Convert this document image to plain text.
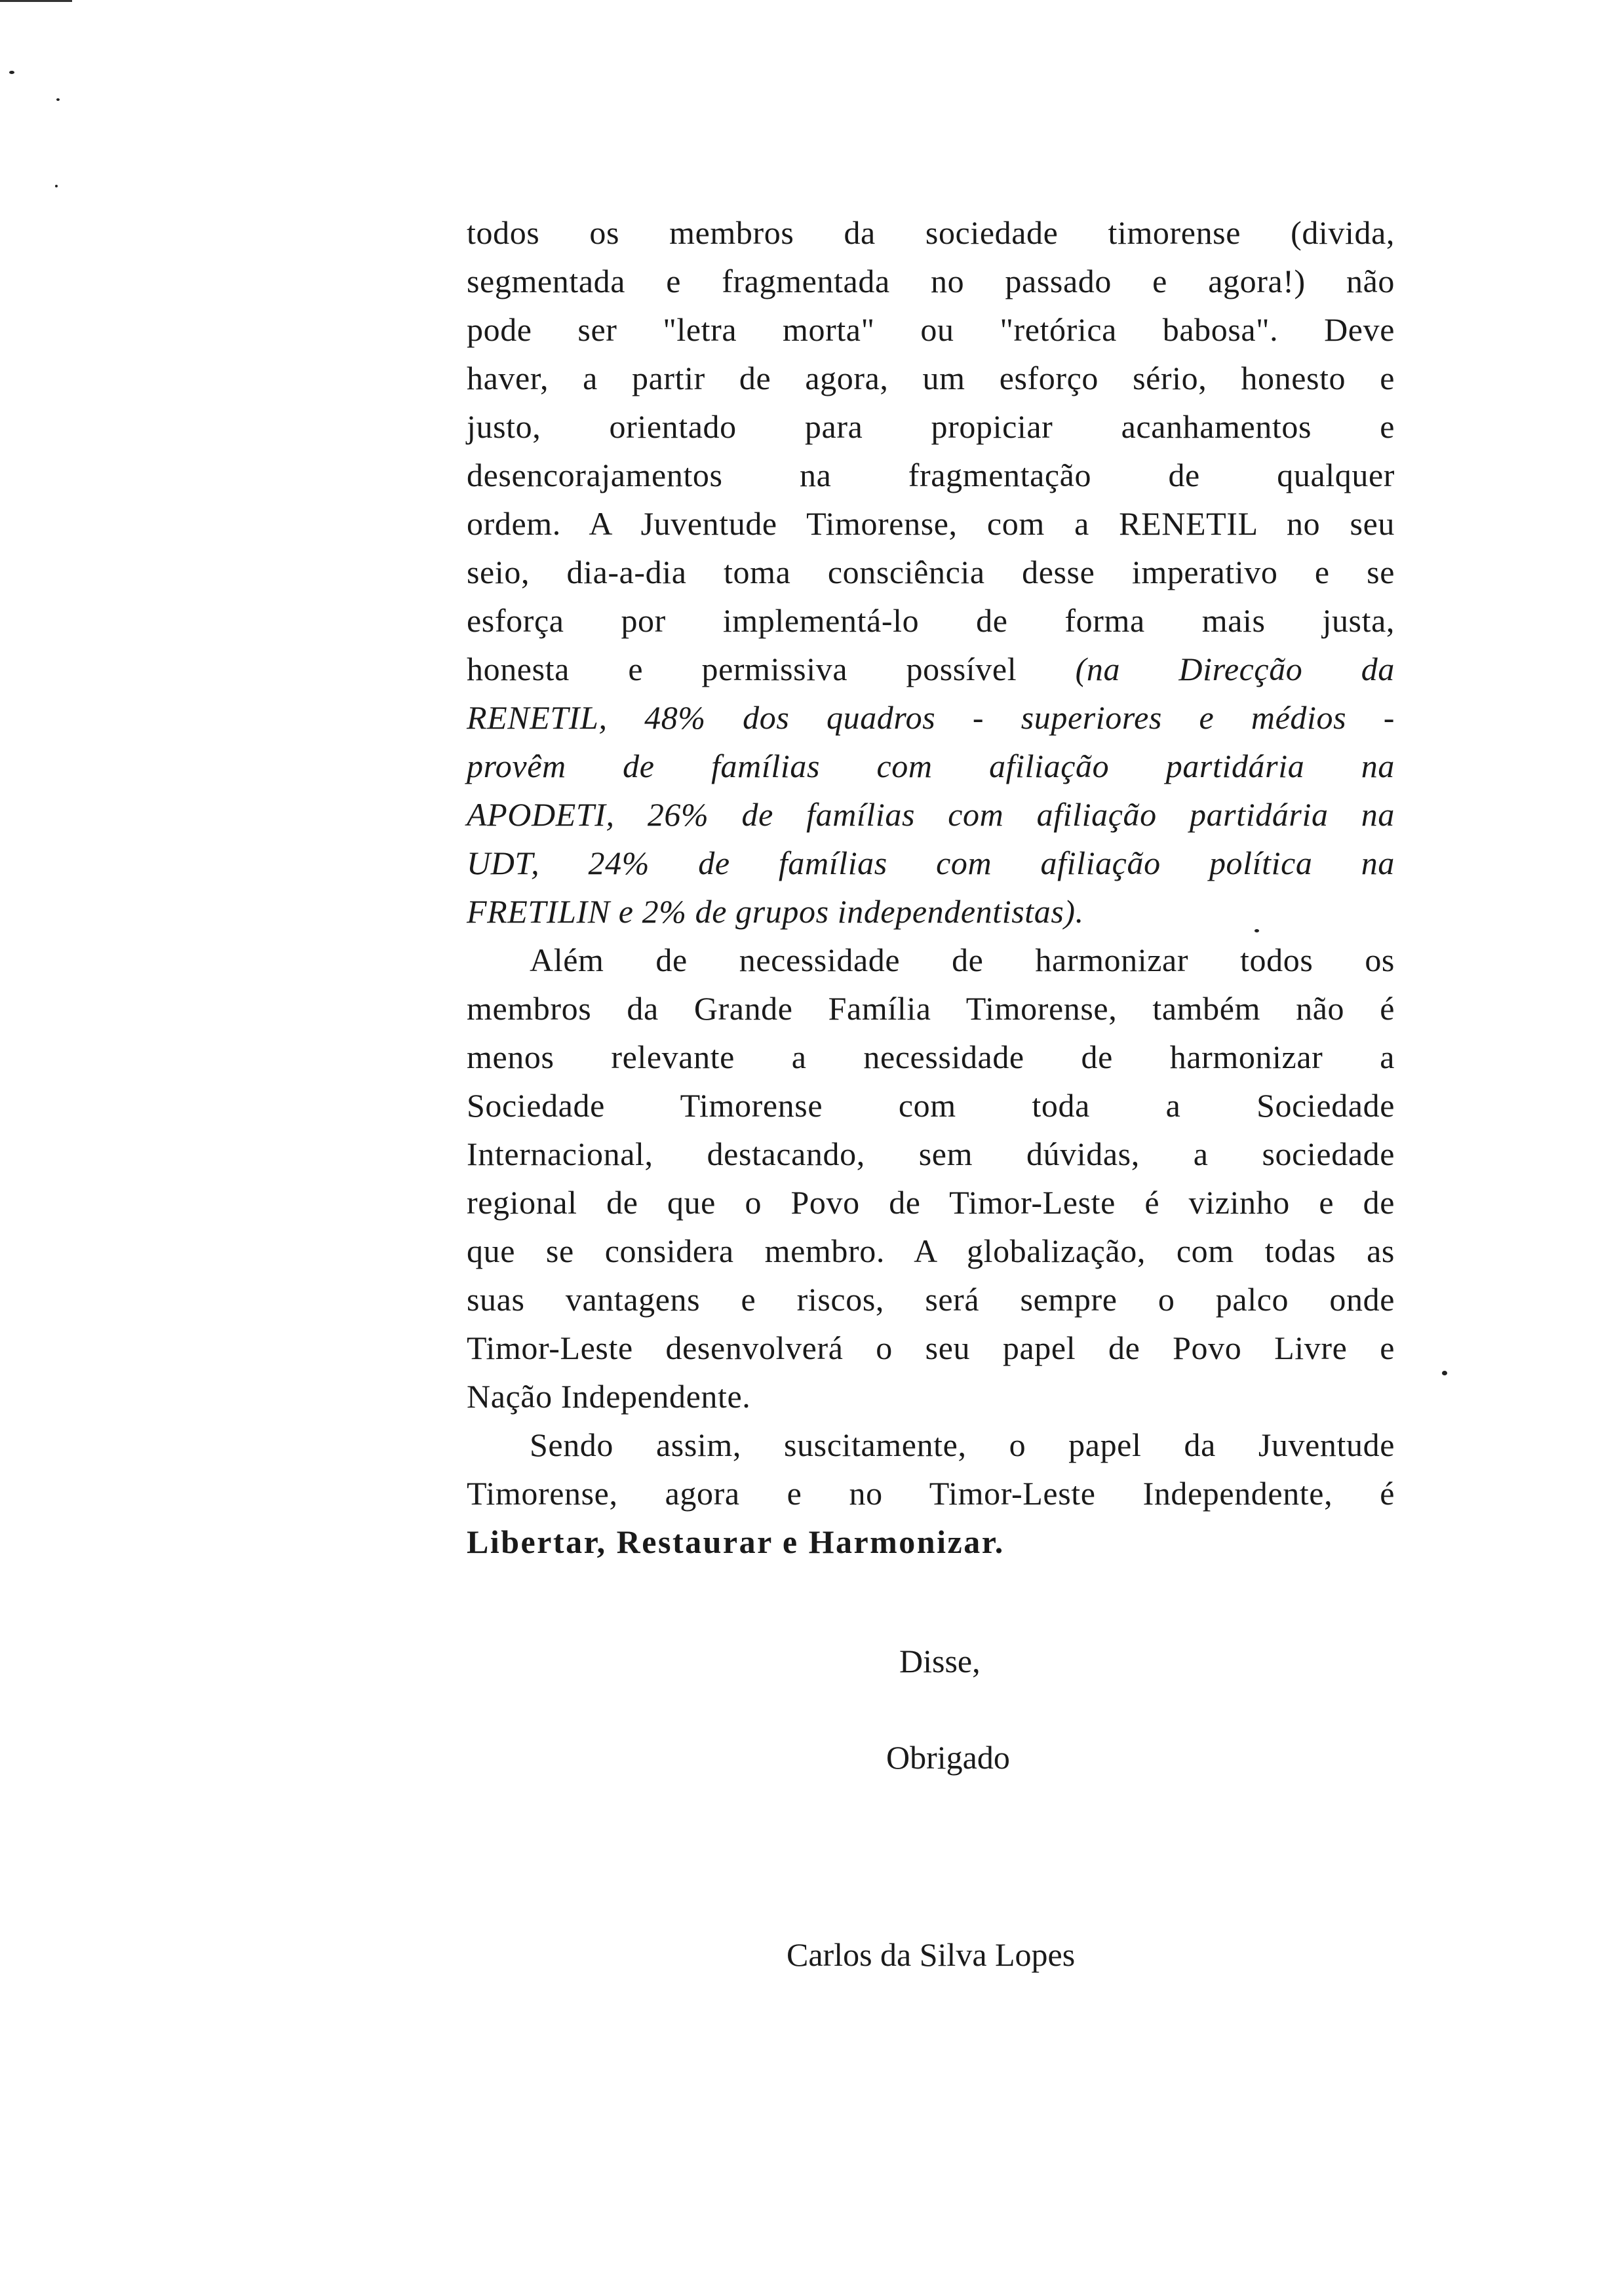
todos os membros da sociedade timorense (divida,
segmentada e fragmentada no passado e agora!) não
pode ser "letra morta" ou "retórica babosa". Deve
haver, a partir de agora, um esforço sério, honesto e
justo, orientado para propiciar acanhamentos e
desencorajamentos na fragmentação de qualquer
ordem. A Juventude Timorense, com a RENETIL no seu
seio, dia-a-dia toma consciência desse imperativo e se
esforça por implementá-lo de forma mais justa,
honesta e permissiva possível (na Direcção da
RENETIL, 48% dos quadros - superiores e médios -
provêm de famílias com afiliação partidária na
APODETI, 26% de famílias com afiliação partidária na
UDT, 24% de famílias com afiliação política na
FRETILIN e 2% de grupos independentistas).
Além de necessidade de harmonizar todos os
membros da Grande Família Timorense, também não é
menos relevante a necessidade de harmonizar a
Sociedade Timorense com toda a Sociedade
Internacional, destacando, sem dúvidas, a sociedade
regional de que o Povo de Timor-Leste é vizinho e de
que se considera membro. A globalização, com todas as
suas vantagens e riscos, será sempre o palco onde
Timor-Leste desenvolverá o seu papel de Povo Livre e
Nação Independente.
Sendo assim, suscitamente, o papel da Juventude
Timorense, agora e no Timor-Leste Independente, é
Libertar, Restaurar e Harmonizar.
Disse,
Obrigado
Carlos da Silva Lopes
